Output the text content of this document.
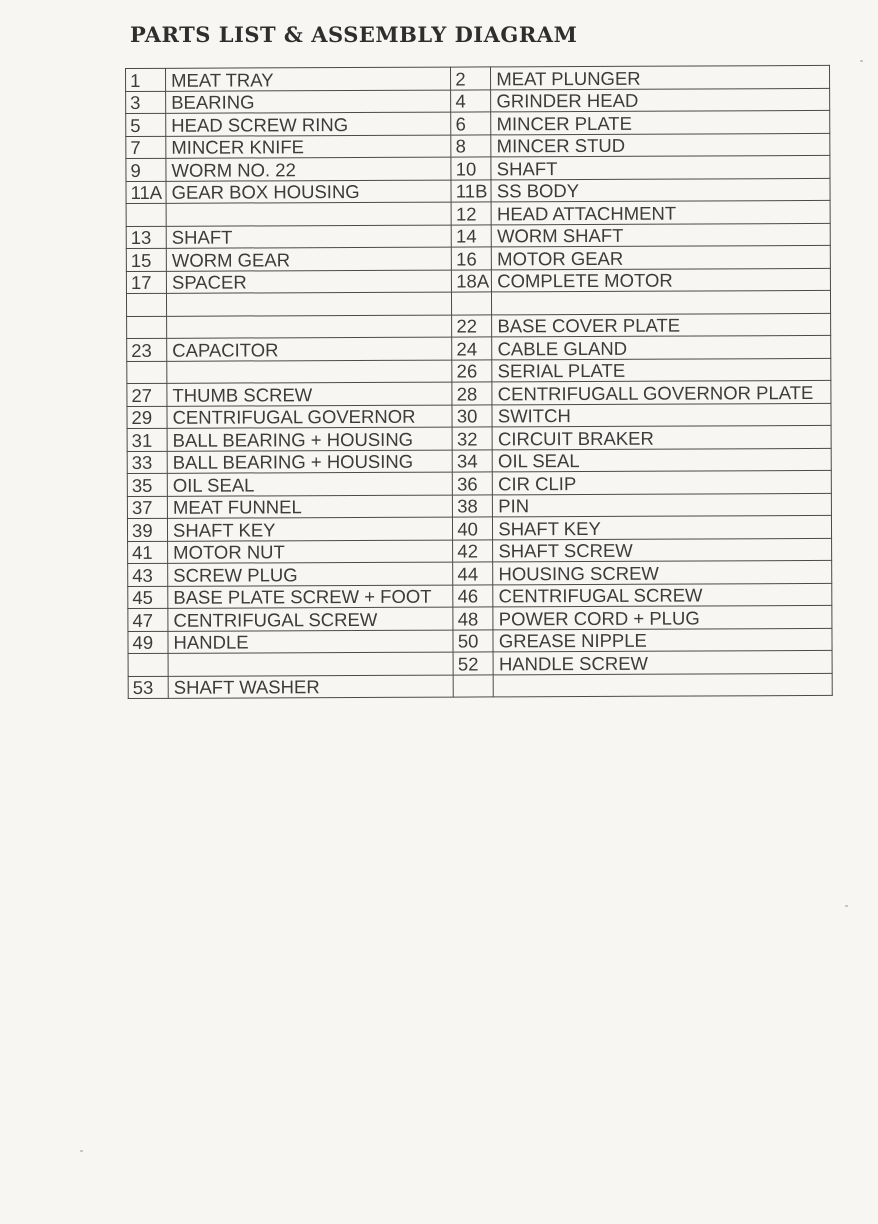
PARTS LIST & ASSEMBLY DIAGRAM
1	MEAT TRAY	2	MEAT PLUNGER
3	BEARING	4	GRINDER HEAD
5	HEAD SCREW RING	6	MINCER PLATE
7	MINCER KNIFE	8	MINCER STUD
9	WORM NO. 22	10	SHAFT
11A	GEAR BOX HOUSING	11B	SS BODY
		12	HEAD ATTACHMENT
13	SHAFT	14	WORM SHAFT
15	WORM GEAR	16	MOTOR GEAR
17	SPACER	18A	COMPLETE MOTOR

		22	BASE COVER PLATE
23	CAPACITOR	24	CABLE GLAND
		26	SERIAL PLATE
27	THUMB SCREW	28	CENTRIFUGALL GOVERNOR PLATE
29	CENTRIFUGAL GOVERNOR	30	SWITCH
31	BALL BEARING + HOUSING	32	CIRCUIT BRAKER
33	BALL BEARING + HOUSING	34	OIL SEAL
35	OIL SEAL	36	CIR CLIP
37	MEAT FUNNEL	38	PIN
39	SHAFT KEY	40	SHAFT KEY
41	MOTOR NUT	42	SHAFT SCREW
43	SCREW PLUG	44	HOUSING SCREW
45	BASE PLATE SCREW + FOOT	46	CENTRIFUGAL SCREW
47	CENTRIFUGAL SCREW	48	POWER CORD + PLUG
49	HANDLE	50	GREASE NIPPLE
		52	HANDLE SCREW
53	SHAFT WASHER		
